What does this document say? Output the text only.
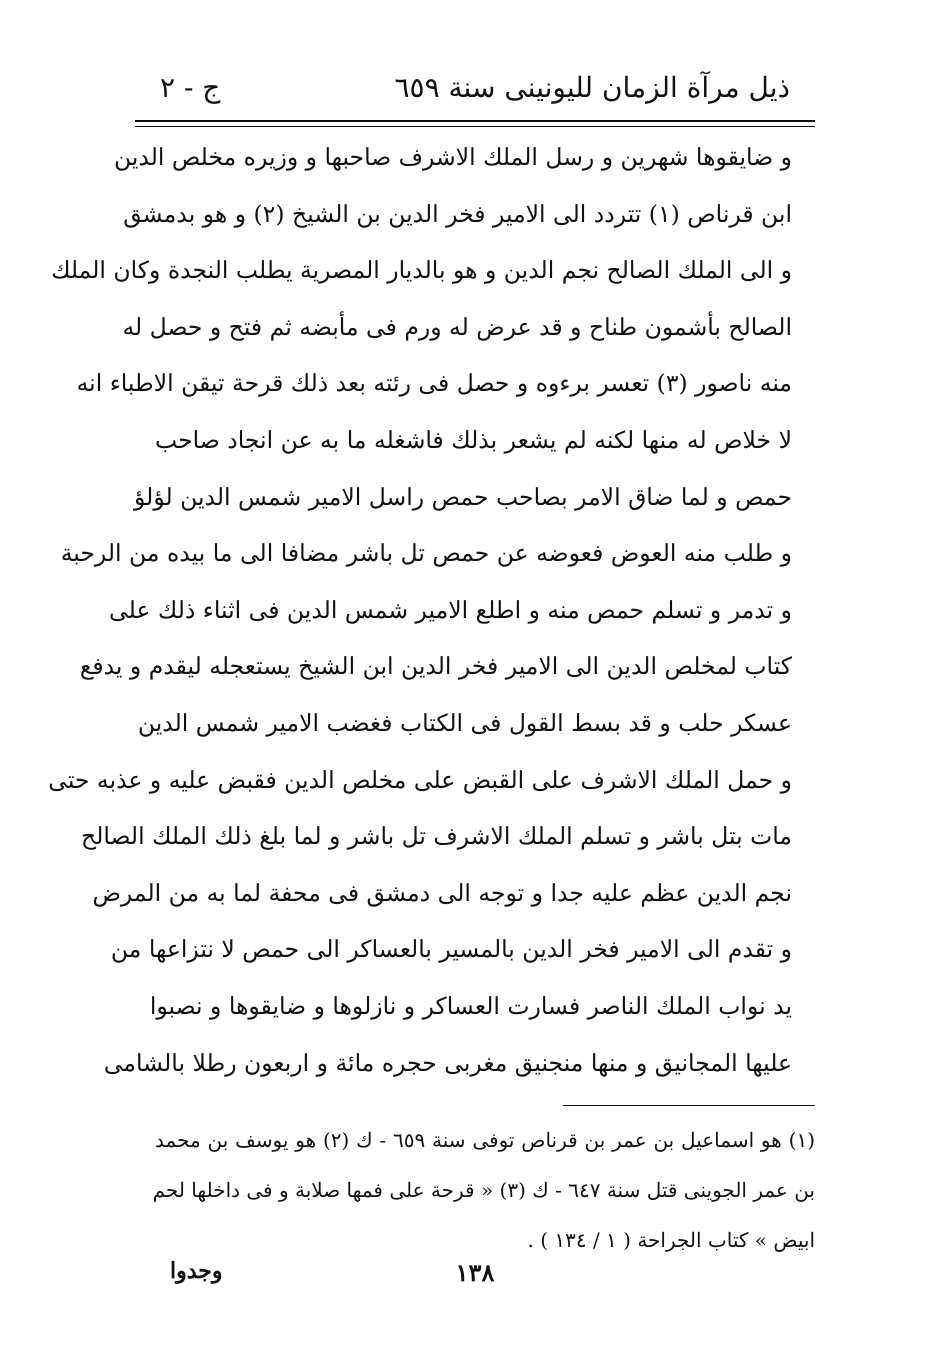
ذيل مرآة الزمان لليونينى سنة ٦٥٩
ج - ٢
و ضايقوها شهرين و رسل الملك الاشرف صاحبها و وزيره مخلص الدين
ابن قرناص (١) تتردد الى الامير فخر الدين بن الشيخ (٢) و هو بدمشق
و الى الملك الصالح نجم الدين و هو بالديار المصرية يطلب النجدة وكان الملك
الصالح بأشمون طناح و قد عرض له ورم فى مأبضه ثم فتح و حصل له
منه ناصور (٣) تعسر برءوه و حصل فى رئته بعد ذلك قرحة تيقن الاطباء انه
لا خلاص له منها لكنه لم يشعر بذلك فاشغله ما به عن انجاد صاحب
حمص و لما ضاق الامر بصاحب حمص راسل الامير شمس الدين لؤلؤ
و طلب منه العوض فعوضه عن حمص تل باشر مضافا الى ما بيده من الرحبة
و تدمر و تسلم حمص منه و اطلع الامير شمس الدين فى اثناء ذلك على
كتاب لمخلص الدين الى الامير فخر الدين ابن الشيخ يستعجله ليقدم و يدفع
عسكر حلب و قد بسط القول فى الكتاب فغضب الامير شمس الدين
و حمل الملك الاشرف على القبض على مخلص الدين فقبض عليه و عذبه حتى
مات بتل باشر و تسلم الملك الاشرف تل باشر و لما بلغ ذلك الملك الصالح
نجم الدين عظم عليه جدا و توجه الى دمشق فى محفة لما به من المرض
و تقدم الى الامير فخر الدين بالمسير بالعساكر الى حمص لا نتزاعها من
يد نواب الملك الناصر فسارت العساكر و نازلوها و ضايقوها و نصبوا
عليها المجانيق و منها منجنيق مغربى حجره مائة و اربعون رطلا بالشامى
(١) هو اسماعيل بن عمر بن قرناص توفى سنة ٦٥٩ - ك (٢) هو يوسف بن محمد
بن عمر الجوينى قتل سنة ٦٤٧ - ك (٣) « قرحة على فمها صلابة و فى داخلها لحم
ابيض » كتاب الجراحة ( ١ / ١٣٤ ) .
١٣٨
وجدوا
